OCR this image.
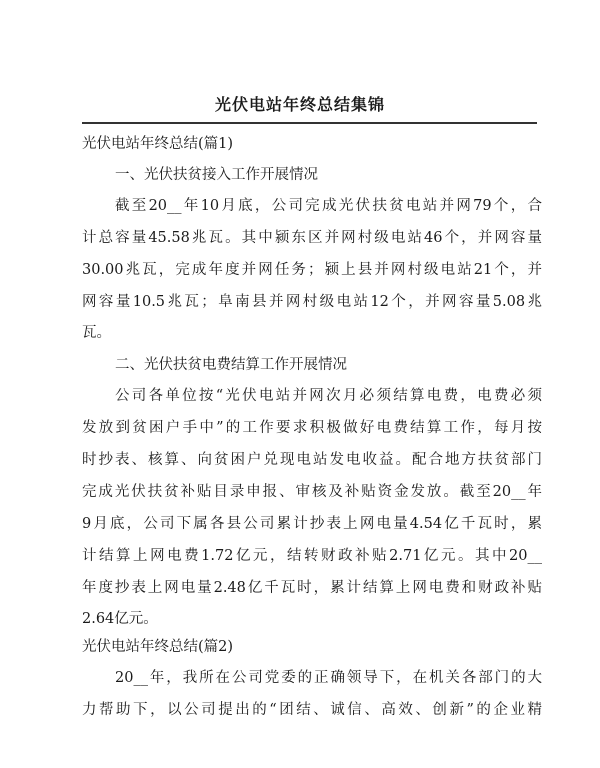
光伏电站年终总结集锦
光伏电站年终总结(篇1)
一、光伏扶贫接入工作开展情况
截至20__年10月底，公司完成光伏扶贫电站并网79个，合
计总容量45.58兆瓦。其中颍东区并网村级电站46个，并网容量
30.00兆瓦，完成年度并网任务；颍上县并网村级电站21个，并
网容量10.5兆瓦；阜南县并网村级电站12个，并网容量5.08兆
瓦。
二、光伏扶贫电费结算工作开展情况
公司各单位按“光伏电站并网次月必须结算电费，电费必须
发放到贫困户手中”的工作要求积极做好电费结算工作，每月按
时抄表、核算、向贫困户兑现电站发电收益。配合地方扶贫部门
完成光伏扶贫补贴目录申报、审核及补贴资金发放。截至20__年
9月底，公司下属各县公司累计抄表上网电量4.54亿千瓦时，累
计结算上网电费1.72亿元，结转财政补贴2.71亿元。其中20__
年度抄表上网电量2.48亿千瓦时，累计结算上网电费和财政补贴
2.64亿元。
光伏电站年终总结(篇2)
20__年，我所在公司党委的正确领导下，在机关各部门的大
力帮助下，以公司提出的“团结、诚信、高效、创新”的企业精
